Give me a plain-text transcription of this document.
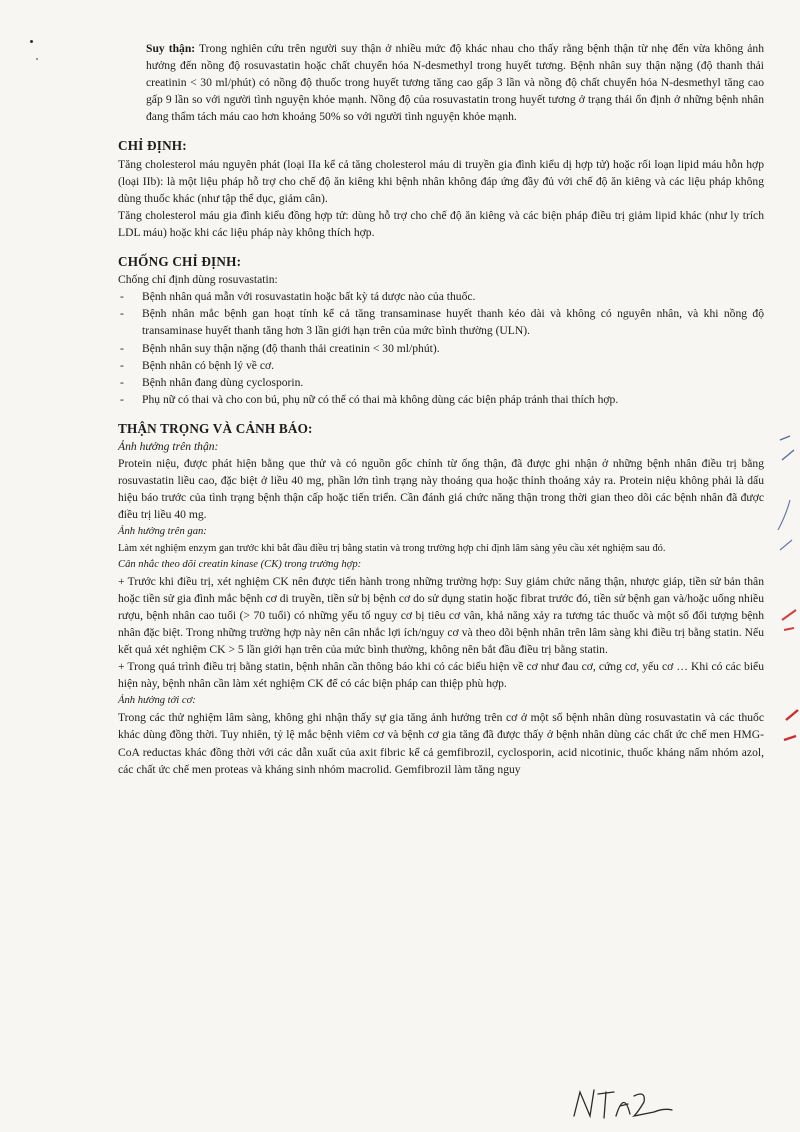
Suy thận: Trong nghiên cứu trên người suy thận ở nhiều mức độ khác nhau cho thấy rằng bệnh thận từ nhẹ đến vừa không ảnh hưởng đến nồng độ rosuvastatin hoặc chất chuyển hóa N-desmethyl trong huyết tương. Bệnh nhân suy thận nặng (độ thanh thải creatinin < 30 ml/phút) có nồng độ thuốc trong huyết tương tăng cao gấp 3 lần và nồng độ chất chuyển hóa N-desmethyl tăng cao gấp 9 lần so với người tình nguyện khỏe mạnh. Nồng độ của rosuvastatin trong huyết tương ở trạng thái ổn định ở những bệnh nhân đang thẩm tách máu cao hơn khoảng 50% so với người tình nguyện khỏe mạnh.

CHỈ ĐỊNH:

Tăng cholesterol máu nguyên phát (loại IIa kể cả tăng cholesterol máu di truyền gia đình kiểu dị hợp tử) hoặc rối loạn lipid máu hỗn hợp (loại IIb): là một liệu pháp hỗ trợ cho chế độ ăn kiêng khi bệnh nhân không đáp ứng đầy đủ với chế độ ăn kiêng và các liệu pháp không dùng thuốc khác (như tập thể dục, giảm cân).

Tăng cholesterol máu gia đình kiểu đồng hợp tử: dùng hỗ trợ cho chế độ ăn kiêng và các biện pháp điều trị giảm lipid khác (như ly trích LDL máu) hoặc khi các liệu pháp này không thích hợp.

CHỐNG CHỈ ĐỊNH:

Chống chỉ định dùng rosuvastatin:

- Bệnh nhân quá mẫn với rosuvastatin hoặc bất kỳ tá dược nào của thuốc.
- Bệnh nhân mắc bệnh gan hoạt tính kể cả tăng transaminase huyết thanh kéo dài và không có nguyên nhân, và khi nồng độ transaminase huyết thanh tăng hơn 3 lần giới hạn trên của mức bình thường (ULN).
- Bệnh nhân suy thận nặng (độ thanh thải creatinin < 30 ml/phút).
- Bệnh nhân có bệnh lý về cơ.
- Bệnh nhân đang dùng cyclosporin.
- Phụ nữ có thai và cho con bú, phụ nữ có thể có thai mà không dùng các biện pháp tránh thai thích hợp.
THẬN TRỌNG VÀ CẢNH BÁO:

Ảnh hưởng trên thận:

Protein niệu, được phát hiện bằng que thử và có nguồn gốc chính từ ống thận, đã được ghi nhận ở những bệnh nhân điều trị bằng rosuvastatin liều cao, đặc biệt ở liều 40 mg, phần lớn tình trạng này thoáng qua hoặc thỉnh thoảng xảy ra. Protein niệu không phải là dấu hiệu báo trước của tình trạng bệnh thận cấp hoặc tiến triển. Cần đánh giá chức năng thận trong thời gian theo dõi các bệnh nhân đã được điều trị liều 40 mg.

Ảnh hưởng trên gan:

Làm xét nghiệm enzym gan trước khi bắt đầu điều trị bằng statin và trong trường hợp chỉ định lâm sàng yêu cầu xét nghiệm sau đó.

Cân nhắc theo dõi creatin kinase (CK) trong trường hợp:

+ Trước khi điều trị, xét nghiệm CK nên được tiến hành trong những trường hợp: Suy giảm chức năng thận, nhược giáp, tiền sử bản thân hoặc tiền sử gia đình mắc bệnh cơ di truyền, tiền sử bị bệnh cơ do sử dụng statin hoặc fibrat trước đó, tiền sử bệnh gan và/hoặc uống nhiều rượu, bệnh nhân cao tuổi (> 70 tuổi) có những yếu tố nguy cơ bị tiêu cơ vân, khả năng xảy ra tương tác thuốc và một số đối tượng bệnh nhân đặc biệt. Trong những trường hợp này nên cân nhắc lợi ích/nguy cơ và theo dõi bệnh nhân trên lâm sàng khi điều trị bằng statin. Nếu kết quả xét nghiệm CK > 5 lần giới hạn trên của mức bình thường, không nên bắt đầu điều trị bằng statin.

+ Trong quá trình điều trị bằng statin, bệnh nhân cần thông báo khi có các biểu hiện về cơ như đau cơ, cứng cơ, yếu cơ … Khi có các biểu hiện này, bệnh nhân cần làm xét nghiệm CK để có các biện pháp can thiệp phù hợp.

Ảnh hưởng tới cơ:

Trong các thử nghiệm lâm sàng, không ghi nhận thấy sự gia tăng ảnh hưởng trên cơ ở một số bệnh nhân dùng rosuvastatin và các thuốc khác dùng đồng thời. Tuy nhiên, tỷ lệ mắc bệnh viêm cơ và bệnh cơ gia tăng đã được thấy ở bệnh nhân dùng các chất ức chế men HMG-CoA reductas khác đồng thời với các dẫn xuất của axit fibric kể cả gemfibrozil, cyclosporin, acid nicotinic, thuốc kháng nấm nhóm azol, các chất ức chế men proteas và kháng sinh nhóm macrolid. Gemfibrozil làm tăng nguy
